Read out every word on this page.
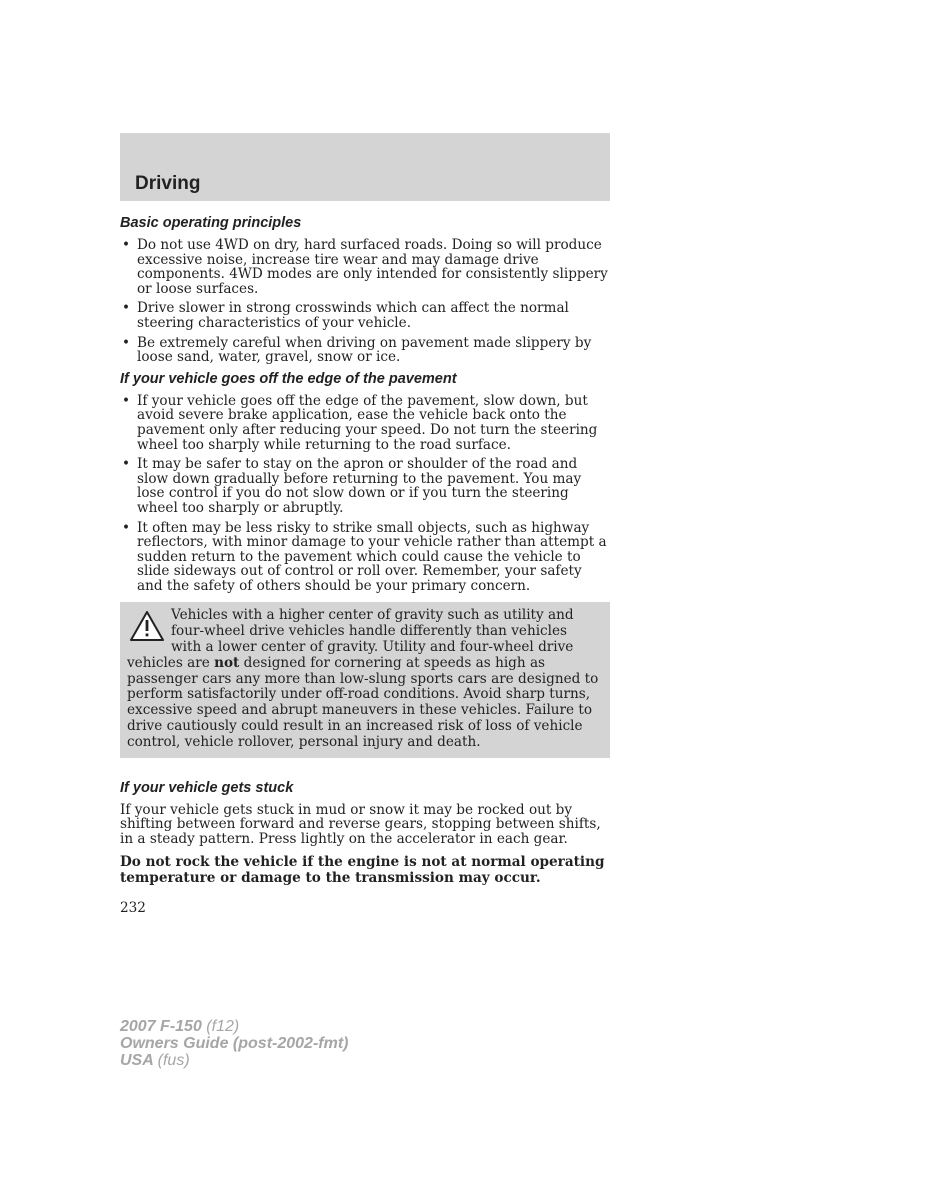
Driving
Basic operating principles
• Do not use 4WD on dry, hard surfaced roads. Doing so will produce excessive noise, increase tire wear and may damage drive components. 4WD modes are only intended for consistently slippery or loose surfaces.
• Drive slower in strong crosswinds which can affect the normal steering characteristics of your vehicle.
• Be extremely careful when driving on pavement made slippery by loose sand, water, gravel, snow or ice.
If your vehicle goes off the edge of the pavement
• If your vehicle goes off the edge of the pavement, slow down, but avoid severe brake application, ease the vehicle back onto the pavement only after reducing your speed. Do not turn the steering wheel too sharply while returning to the road surface.
• It may be safer to stay on the apron or shoulder of the road and slow down gradually before returning to the pavement. You may lose control if you do not slow down or if you turn the steering wheel too sharply or abruptly.
• It often may be less risky to strike small objects, such as highway reflectors, with minor damage to your vehicle rather than attempt a sudden return to the pavement which could cause the vehicle to slide sideways out of control or roll over. Remember, your safety and the safety of others should be your primary concern.
Vehicles with a higher center of gravity such as utility and four-wheel drive vehicles handle differently than vehicles with a lower center of gravity. Utility and four-wheel drive vehicles are not designed for cornering at speeds as high as passenger cars any more than low-slung sports cars are designed to perform satisfactorily under off-road conditions. Avoid sharp turns, excessive speed and abrupt maneuvers in these vehicles. Failure to drive cautiously could result in an increased risk of loss of vehicle control, vehicle rollover, personal injury and death.
If your vehicle gets stuck

If your vehicle gets stuck in mud or snow it may be rocked out by shifting between forward and reverse gears, stopping between shifts, in a steady pattern. Press lightly on the accelerator in each gear.

Do not rock the vehicle if the engine is not at normal operating temperature or damage to the transmission may occur.

232
2007 F-150 (f12)
Owners Guide (post-2002-fmt)
USA (fus)
